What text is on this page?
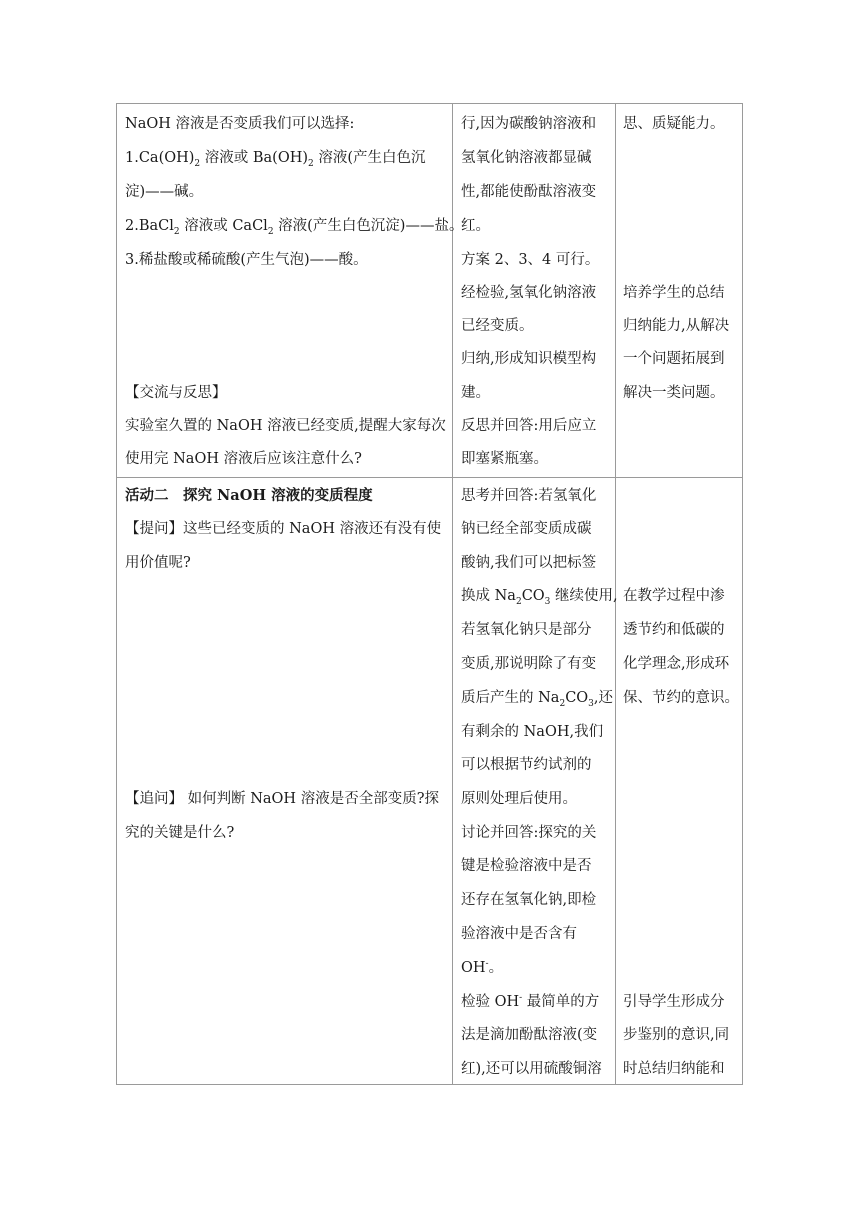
NaOH 溶液是否变质我们可以选择:
$1.Ca(OH)_2$ 溶液或 $Ba(OH)_2$ 溶液(产生白色沉
淀)——碱。
2.BaCl$_2$ 溶液或 CaCl$_2$ 溶液(产生白色沉淀)——盐。
3.稀盐酸或稀硫酸(产生气泡)——酸。
【交流与反思】
实验室久置的 NaOH 溶液已经变质,提醒大家每次
使用完 NaOH 溶液后应该注意什么?
行,因为碳酸钠溶液和
氢氧化钠溶液都显碱
性,都能使酚酞溶液变
红。
方案 2、3、4 可行。
经检验,氢氧化钠溶液
已经变质。
归纳,形成知识模型构
建。
反思并回答:用后应立
即塞紧瓶塞。
思、质疑能力。
培养学生的总结
归纳能力,从解决
一个问题拓展到
解决一类问题。
活动二　探究 NaOH 溶液的变质程度
【提问】这些已经变质的 NaOH 溶液还有没有使
用价值呢?
【追问】 如何判断 NaOH 溶液是否全部变质?探
究的关键是什么?
思考并回答:若氢氧化
钠已经全部变质成碳
酸钠,我们可以把标签
换成 $Na_2CO_3$ 继续使用,
若氢氧化钠只是部分
变质,那说明除了有变
质后产生的 $Na_2CO_3$,还
有剩余的 NaOH,我们
可以根据节约试剂的
原则处理后使用。
讨论并回答:探究的关
键是检验溶液中是否
还存在氢氧化钠,即检
验溶液中是否含有
OH-。
检验 OH- 最简单的方
法是滴加酚酞溶液(变
红),还可以用硫酸铜溶
在教学过程中渗
透节约和低碳的
化学理念,形成环
保、节约的意识。
引导学生形成分
步鉴别的意识,同
时总结归纳能和
